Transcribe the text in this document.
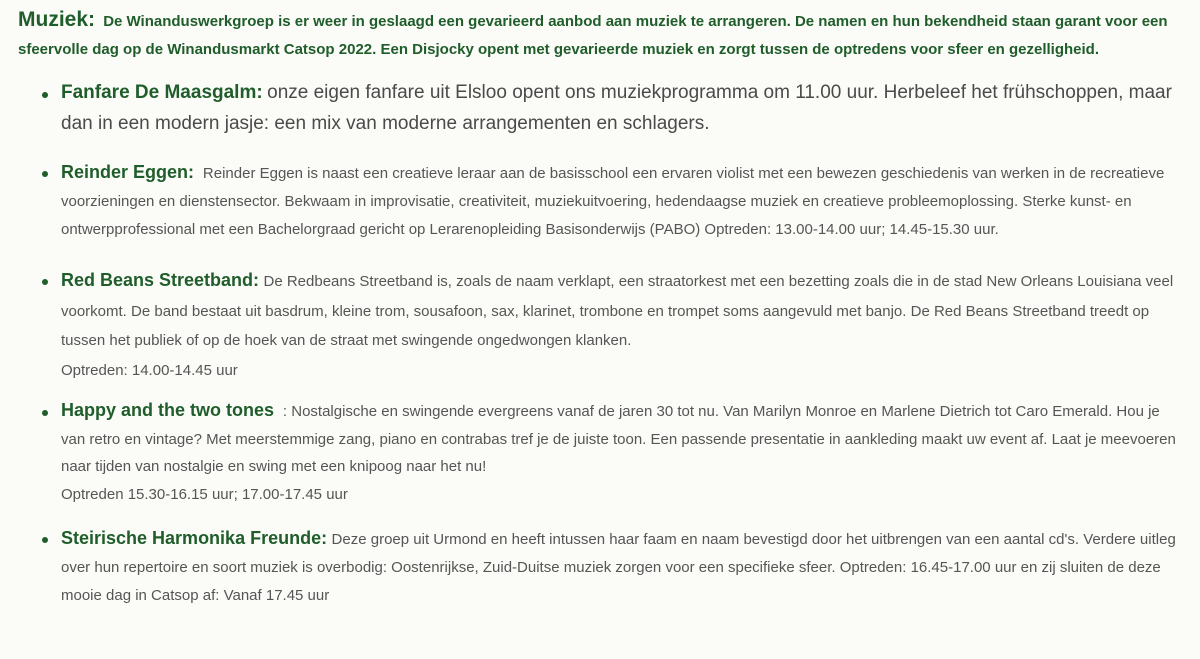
Muziek: De Winanduswerkgroep is er weer in geslaagd een gevarieerd aanbod aan muziek te arrangeren. De namen en hun bekendheid staan garant voor een sfeervolle dag op de Winandusmarkt Catsop 2022. Een Disjocky opent met gevarieerde muziek en zorgt tussen de optredens voor sfeer en gezelligheid.

Fanfare De Maasgalm: onze eigen fanfare uit Elsloo opent ons muziekprogramma om 11.00 uur. Herbeleef het frühschoppen, maar dan in een modern jasje: een mix van moderne arrangementen en schlagers.
Reinder Eggen: Reinder Eggen is naast een creatieve leraar aan de basisschool een ervaren violist met een bewezen geschiedenis van werken in de recreatieve voorzieningen en dienstensector. Bekwaam in improvisatie, creativiteit, muziekuitvoering, hedendaagse muziek en creatieve probleemoplossing. Sterke kunst- en ontwerpprofessional met een Bachelorgraad gericht op Lerarenopleiding Basisonderwijs (PABO) Optreden: 13.00-14.00 uur; 14.45-15.30 uur.
Red Beans Streetband: De Redbeans Streetband is, zoals de naam verklapt, een straatorkest met een bezetting zoals die in de stad New Orleans Louisiana veel voorkomt. De band bestaat uit basdrum, kleine trom, sousafoon, sax, klarinet, trombone en trompet soms aangevuld met banjo. De Red Beans Streetband treedt op tussen het publiek of op de hoek van de straat met swingende ongedwongen klanken.
Optreden: 14.00-14.45 uur
Happy and the two tones : Nostalgische en swingende evergreens vanaf de jaren 30 tot nu. Van Marilyn Monroe en Marlene Dietrich tot Caro Emerald. Hou je van retro en vintage? Met meerstemmige zang, piano en contrabas tref je de juiste toon. Een passende presentatie in aankleding maakt uw event af. Laat je meevoeren naar tijden van nostalgie en swing met een knipoog naar het nu!
Optreden 15.30-16.15 uur; 17.00-17.45 uur
Steirische Harmonika Freunde: Deze groep uit Urmond en heeft intussen haar faam en naam bevestigd door het uitbrengen van een aantal cd's. Verdere uitleg over hun repertoire en soort muziek is overbodig: Oostenrijkse, Zuid-Duitse muziek zorgen voor een specifieke sfeer. Optreden: 16.45-17.00 uur en zij sluiten de deze mooie dag in Catsop af: Vanaf 17.45 uur
